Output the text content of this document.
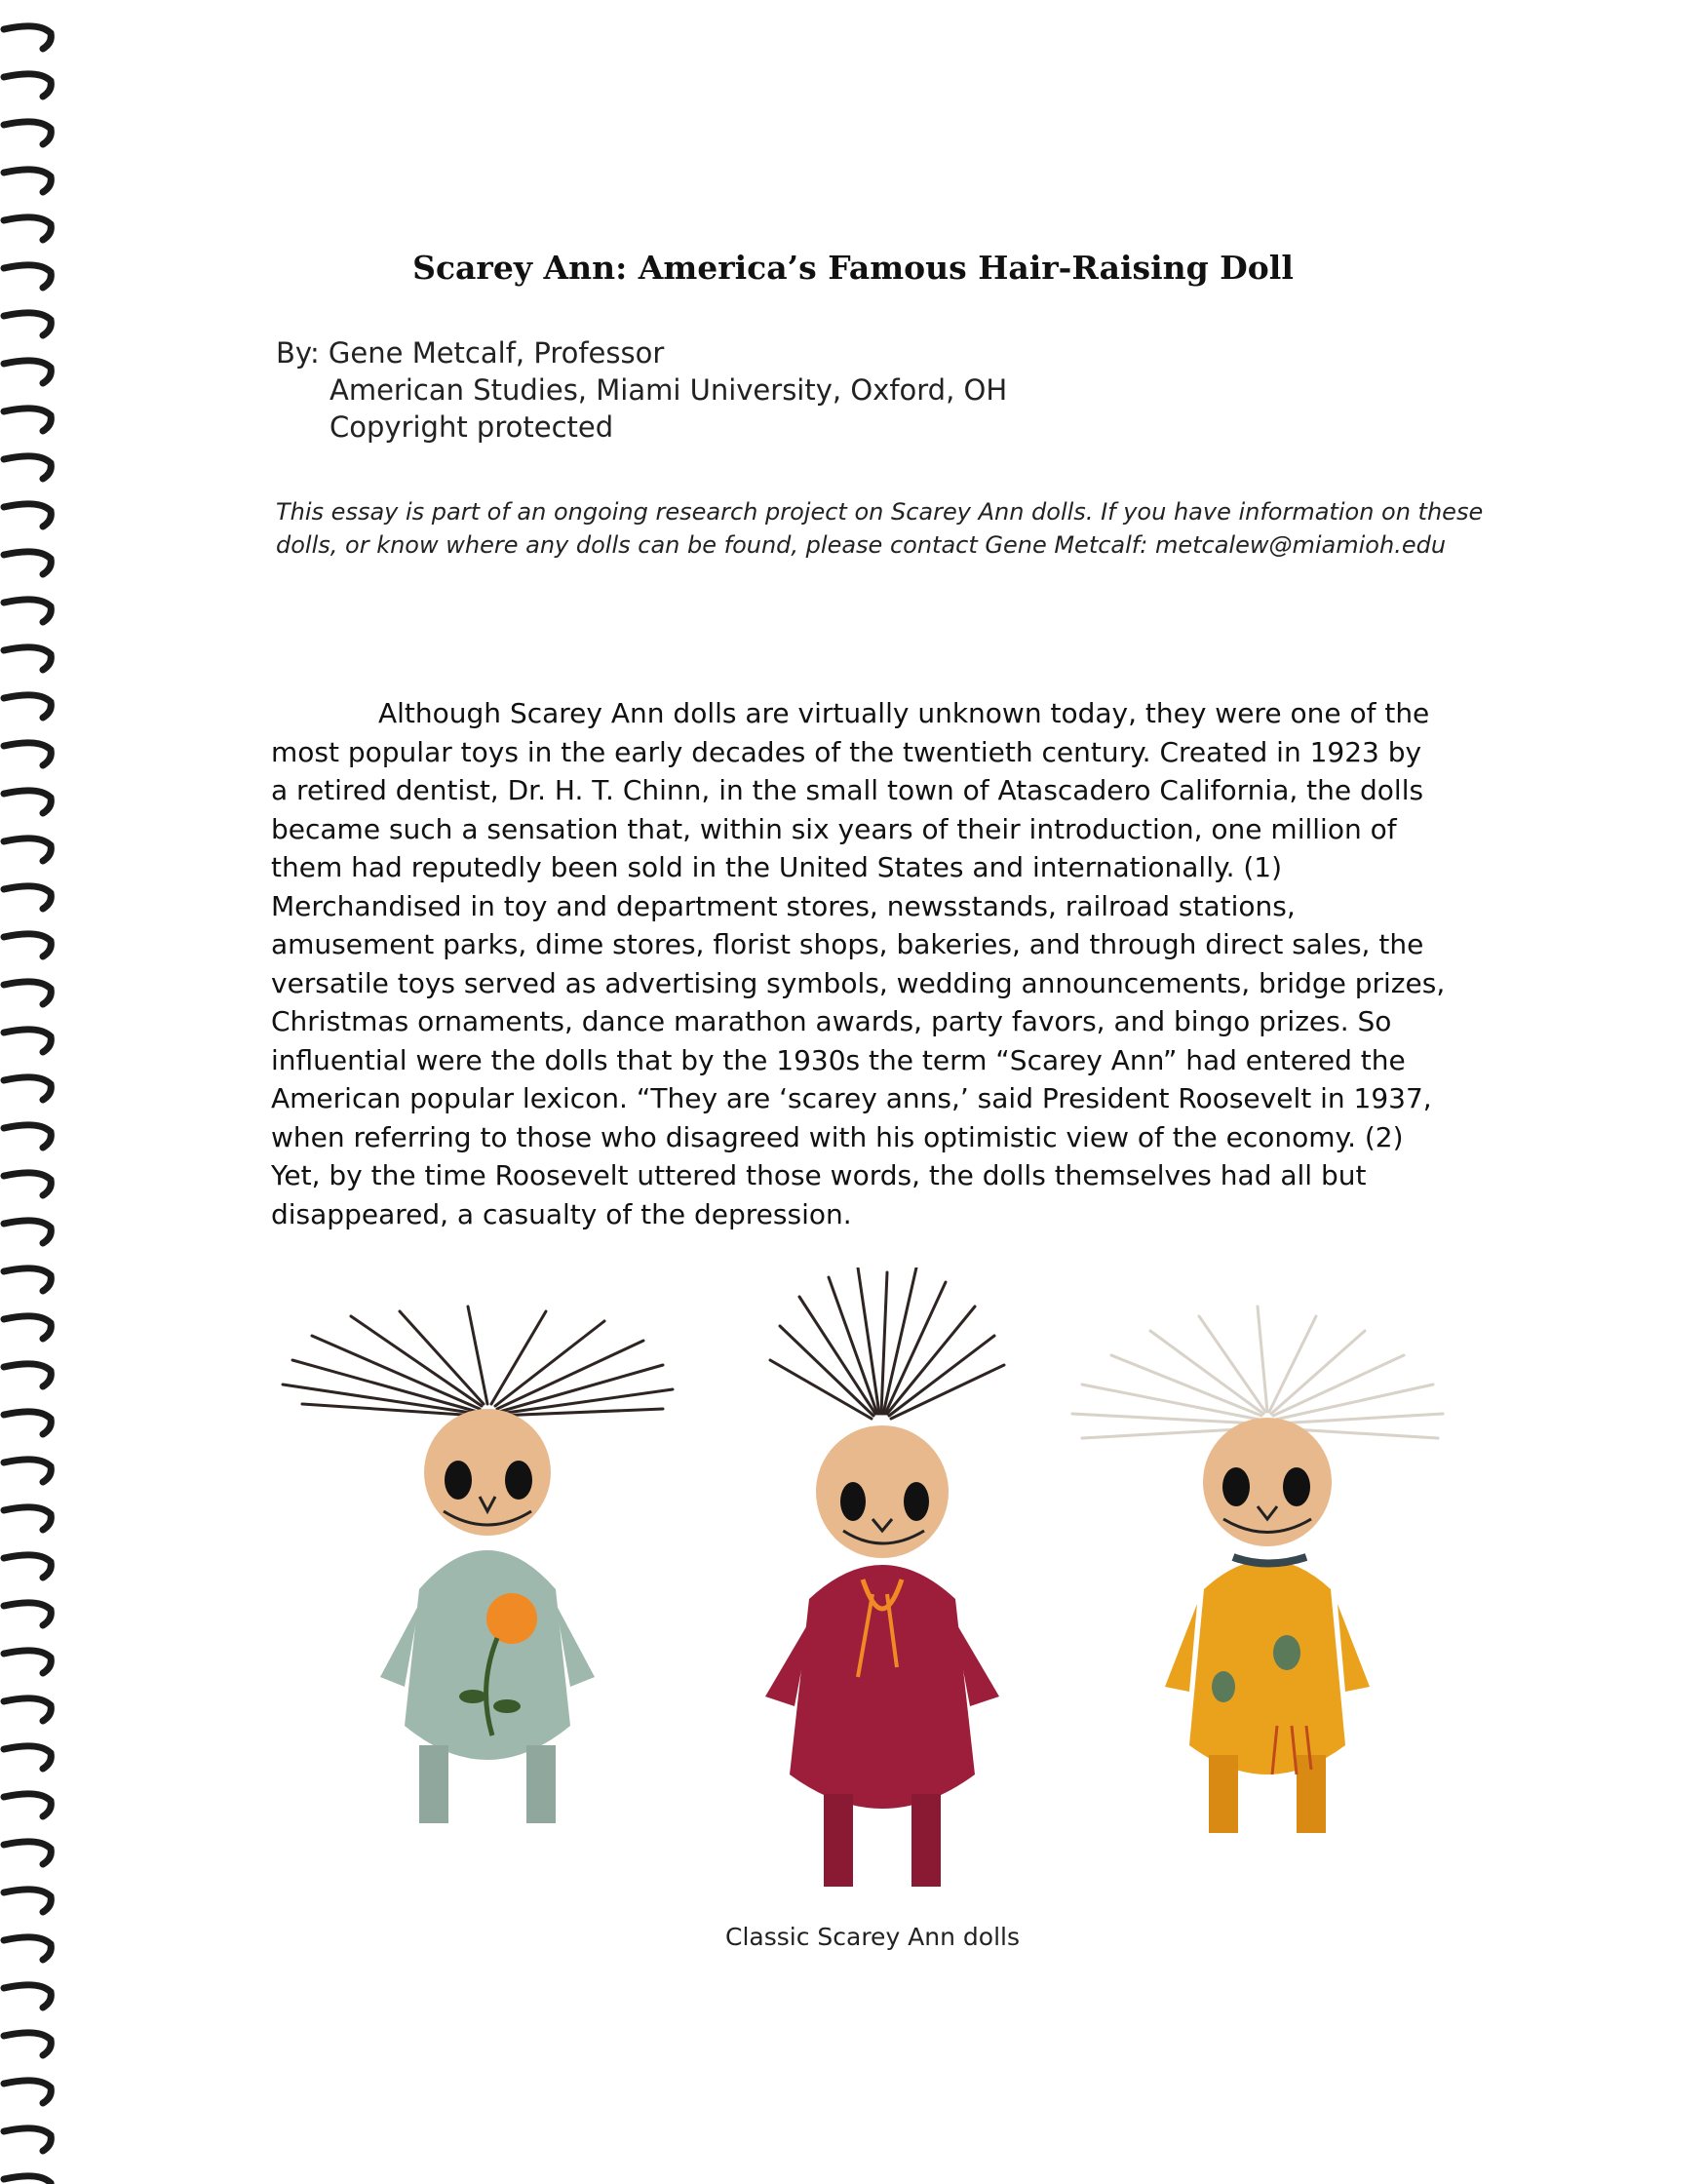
Scarey Ann: America’s Famous Hair-Raising Doll
By: Gene Metcalf, Professor
American Studies, Miami University, Oxford, OH
Copyright protected
This essay is part of an ongoing research project on Scarey Ann dolls. If you have information on these dolls, or know where any dolls can be found, please contact Gene Metcalf: metcalew@miamioh.edu
Although Scarey Ann dolls are virtually unknown today, they were one of the
most popular toys in the early decades of the twentieth century. Created in 1923 by
a retired dentist, Dr. H. T. Chinn, in the small town of Atascadero California, the dolls
became such a sensation that, within six years of their introduction, one million of
them had reputedly been sold in the United States and internationally. (1)
Merchandised in toy and department stores, newsstands, railroad stations,
amusement parks, dime stores, florist shops, bakeries, and through direct sales, the
versatile toys served as advertising symbols, wedding announcements, bridge prizes,
Christmas ornaments, dance marathon awards, party favors, and bingo prizes. So
influential were the dolls that by the 1930s the term “Scarey Ann” had entered the
American popular lexicon. “They are ‘scarey anns,’ said President Roosevelt in 1937,
when referring to those who disagreed with his optimistic view of the economy. (2)
Yet, by the time Roosevelt uttered those words, the dolls themselves had all but
disappeared, a casualty of the depression.
Classic Scarey Ann dolls
